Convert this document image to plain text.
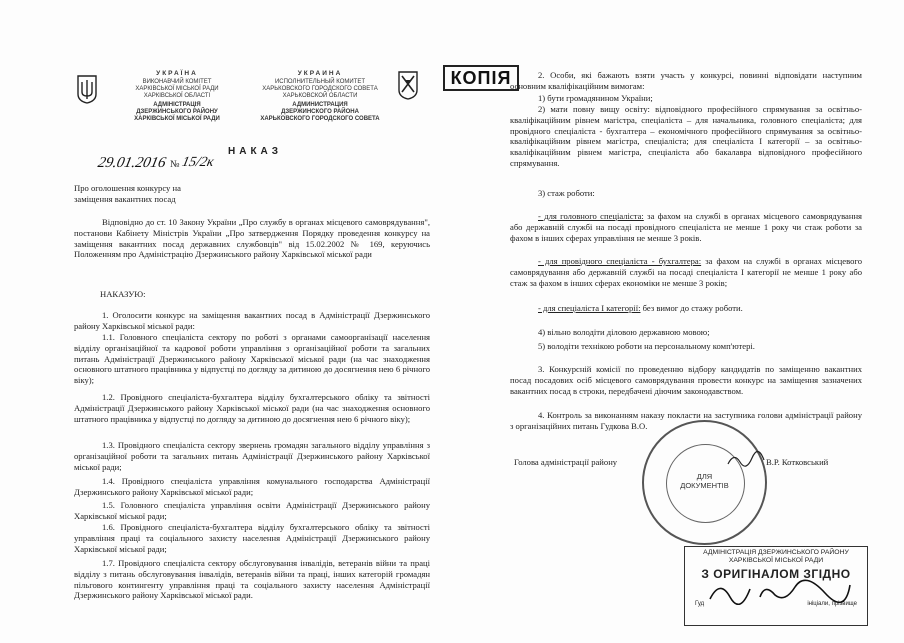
УКРАЇНА
ВИКОНАВЧИЙ КОМІТЕТ
ХАРКІВСЬКОЇ МІСЬКОЇ РАДИ
ХАРКІВСЬКОЇ ОБЛАСТІ
АДМІНІСТРАЦІЯ
ДЗЕРЖИНСЬКОГО РАЙОНУ
ХАРКІВСЬКОЇ МІСЬКОЇ РАДИ
УКРАИНА
ИСПОЛНИТЕЛЬНЫЙ КОМИТЕТ
ХАРЬКОВСКОГО ГОРОДСКОГО СОВЕТА
ХАРЬКОВСКОЙ ОБЛАСТИ
АДМИНИСТРАЦИЯ
ДЗЕРЖИНСКОГО РАЙОНА
ХАРЬКОВСКОГО ГОРОДСКОГО СОВЕТА
НАКАЗ
29.01.2016 № 15/2к
Про оголошення конкурсу на
заміщення вакантних посад
Відповідно до ст. 10 Закону України „Про службу в органах місцевого самоврядування", постанови Кабінету Міністрів України „Про затвердження Порядку проведення конкурсу на заміщення вакантних посад державних службовців" від 15.02.2002 № 169, керуючись Положенням про Адміністрацію Дзержинського району Харківської міської ради
НАКАЗУЮ:
1. Оголосити конкурс на заміщення вакантних посад в Адміністрації Дзержинського району Харківської міської ради:
1.1. Головного спеціаліста сектору по роботі з органами самоорганізації населення відділу організаційної та кадрової роботи управління з організаційної роботи та загальних питань Адміністрації Дзержинського району Харківської міської ради (на час знаходження основного штатного працівника у відпустці по догляду за дитиною до досягнення нею 6 річного віку);
1.2. Провідного спеціаліста-бухгалтера відділу бухгалтерського обліку та звітності Адміністрації Дзержинського району Харківської міської ради (на час знаходження основного штатного працівника у відпустці по догляду за дитиною до досягнення нею 6 річного віку);
1.3. Провідного спеціаліста сектору звернень громадян загального відділу управління з організаційної роботи та загальних питань Адміністрації Дзержинського району Харківської міської ради;
1.4. Провідного спеціаліста управління комунального господарства Адміністрації Дзержинського району Харківської міської ради;
1.5. Головного спеціаліста управління освіти Адміністрації Дзержинського району Харківської міської ради;
1.6. Провідного спеціаліста-бухгалтера відділу бухгалтерського обліку та звітності управління праці та соціального захисту населення Адміністрації Дзержинського району Харківської міської ради;
1.7. Провідного спеціаліста сектору обслуговування інвалідів, ветеранів війни та праці відділу з питань обслуговування інвалідів, ветеранів війни та праці, інших категорій громадян пільгового контингенту управління праці та соціального захисту населення Адміністрації Дзержинського району Харківської міської ради.
КОПІЯ	2. Особи, які бажають взяти участь у конкурсі, повинні відповідати наступним основним кваліфікаційним вимогам:
1) бути громадянином України;
2) мати повну вищу освіту: відповідного професійного спрямування за освітньо-кваліфікаційним рівнем магістра, спеціаліста – для начальника, головного спеціаліста; для провідного спеціаліста - бухгалтера – економічного професійного спрямування за освітньо-кваліфікаційним рівнем магістра, спеціаліста; для спеціаліста І категорії – за освітньо-кваліфікаційним рівнем магістра, спеціаліста або бакалавра відповідного професійного спрямування.
3) стаж роботи:
- для головного спеціаліста: за фахом на службі в органах місцевого самоврядування або державній службі на посаді провідного спеціаліста не менше 1 року чи стаж роботи за фахом в інших сферах управління не менше 3 років.
- для провідного спеціаліста - бухгалтера: за фахом на службі в органах місцевого самоврядування або державній службі на посаді спеціаліста I категорії не менше 1 року або стаж за фахом в інших сферах економіки не менше 3 років;
- для спеціаліста І категорії: без вимог до стажу роботи.
4) вільно володіти діловою державною мовою;
5) володіти технікою роботи на персональному комп'ютері.
3. Конкурсній комісії по проведенню відбору кандидатів по заміщенню вакантних посад посадових осіб місцевого самоврядування провести конкурс на заміщення зазначених вакантних посад в строки, передбачені діючим законодавством.
4. Контроль за виконанням наказу покласти на заступника голови адміністрації району з організаційних питань Гудкова В.О.
ДЛЯ
ДОКУМЕНТІВ
Голова адміністрації району	В.Р. Котковський
АДМІНІСТРАЦІЯ ДЗЕРЖИНСЬКОГО РАЙОНУ
ХАРКІВСЬКОЇ МІСЬКОЇ РАДИ
З ОРИГІНАЛОМ ЗГІДНО
Гуд	ініціали, прізвище
